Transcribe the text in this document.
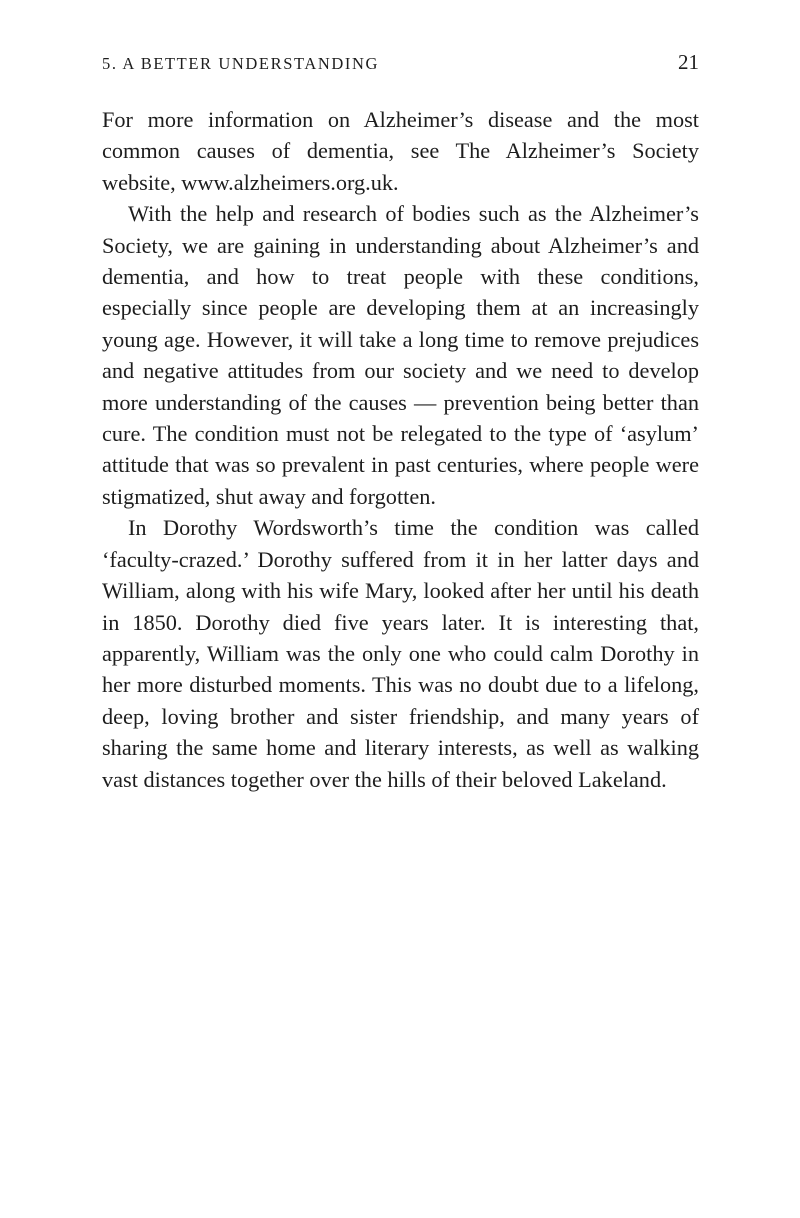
5. A BETTER UNDERSTANDING	21

For more information on Alzheimer’s disease and the most common causes of dementia, see The Alzheimer’s Society website, www.alzheimers.org.uk.

With the help and research of bodies such as the Alzheimer’s Society, we are gaining in understanding about Alzheimer’s and dementia, and how to treat people with these conditions, especially since people are developing them at an increasingly young age. However, it will take a long time to remove prejudices and negative attitudes from our society and we need to develop more understanding of the causes — prevention being better than cure. The condition must not be relegated to the type of ‘asylum’ attitude that was so prevalent in past centuries, where people were stigmatized, shut away and forgotten.

In Dorothy Wordsworth’s time the condition was called ‘faculty-crazed.’ Dorothy suffered from it in her latter days and William, along with his wife Mary, looked after her until his death in 1850. Dorothy died five years later. It is interesting that, apparently, William was the only one who could calm Dorothy in her more disturbed moments. This was no doubt due to a lifelong, deep, loving brother and sister friendship, and many years of sharing the same home and literary interests, as well as walking vast distances together over the hills of their beloved Lakeland.
